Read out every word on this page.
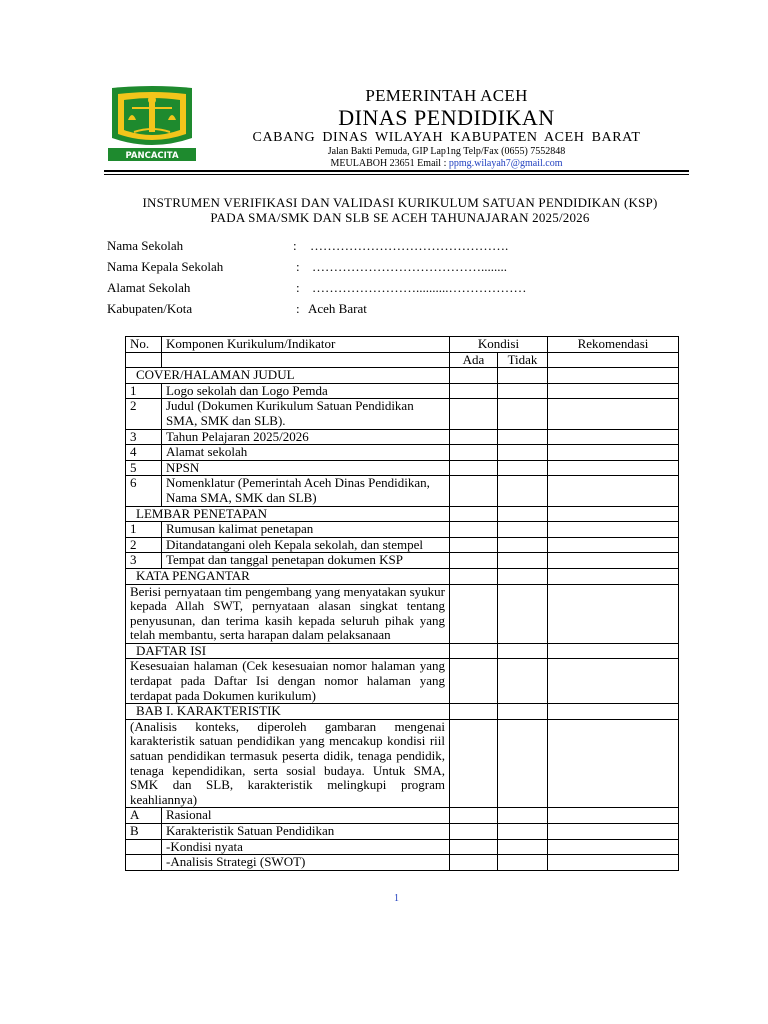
PANCACITA
PEMERINTAH ACEH
DINAS PENDIDIKAN
CABANG DINAS WILAYAH KABUPATEN ACEH BARAT
Jalan Bakti Pemuda, GIP Lap1ng Telp/Fax (0655) 7552848
MEULABOH 23651 Email : ppmg.wilayah7@gmail.com
INSTRUMEN VERIFIKASI DAN VALIDASI KURIKULUM SATUAN PENDIDIKAN (KSP)
PADA SMA/SMK DAN SLB SE ACEH TAHUNAJARAN 2025/2026
Nama Sekolah	: ……………………………………….
Nama Kepala Sekolah	: …………………………………........
Alamat Sekolah	: ……………………..........………………
Kabupaten/Kota	: Aceh Barat
No.	Komponen Kurikulum/Indikator	Kondisi		Rekomendasi
		Ada	Tidak	
COVER/HALAMAN JUDUL				
1	Logo sekolah dan Logo Pemda			
2	Judul (Dokumen Kurikulum Satuan Pendidikan SMA, SMK dan SLB).			
3	Tahun Pelajaran 2025/2026			
4	Alamat sekolah			
5	NPSN			
6	Nomenklatur (Pemerintah Aceh Dinas Pendidikan, Nama SMA, SMK dan SLB)			
LEMBAR PENETAPAN				
1	Rumusan kalimat penetapan			
2	Ditandatangani oleh Kepala sekolah, dan stempel			
3	Tempat dan tanggal penetapan dokumen KSP			
KATA PENGANTAR				
Berisi pernyataan tim pengembang yang menyatakan syukur kepada Allah SWT, pernyataan alasan singkat tentang penyusunan, dan terima kasih kepada seluruh pihak yang telah membantu, serta harapan dalam pelaksanaan				
DAFTAR ISI				
Kesesuaian halaman (Cek kesesuaian nomor halaman yang terdapat pada Daftar Isi dengan nomor halaman yang terdapat pada Dokumen kurikulum)				
BAB I. KARAKTERISTIK				
(Analisis konteks, diperoleh gambaran mengenai karakteristik satuan pendidikan yang mencakup kondisi riil satuan pendidikan termasuk peserta didik, tenaga pendidik, tenaga kependidikan, serta sosial budaya. Untuk SMA, SMK dan SLB, karakteristik melingkupi program keahliannya)				
A	Rasional			
B	Karakteristik Satuan Pendidikan			
	-Kondisi nyata			
	-Analisis Strategi (SWOT)			
1
